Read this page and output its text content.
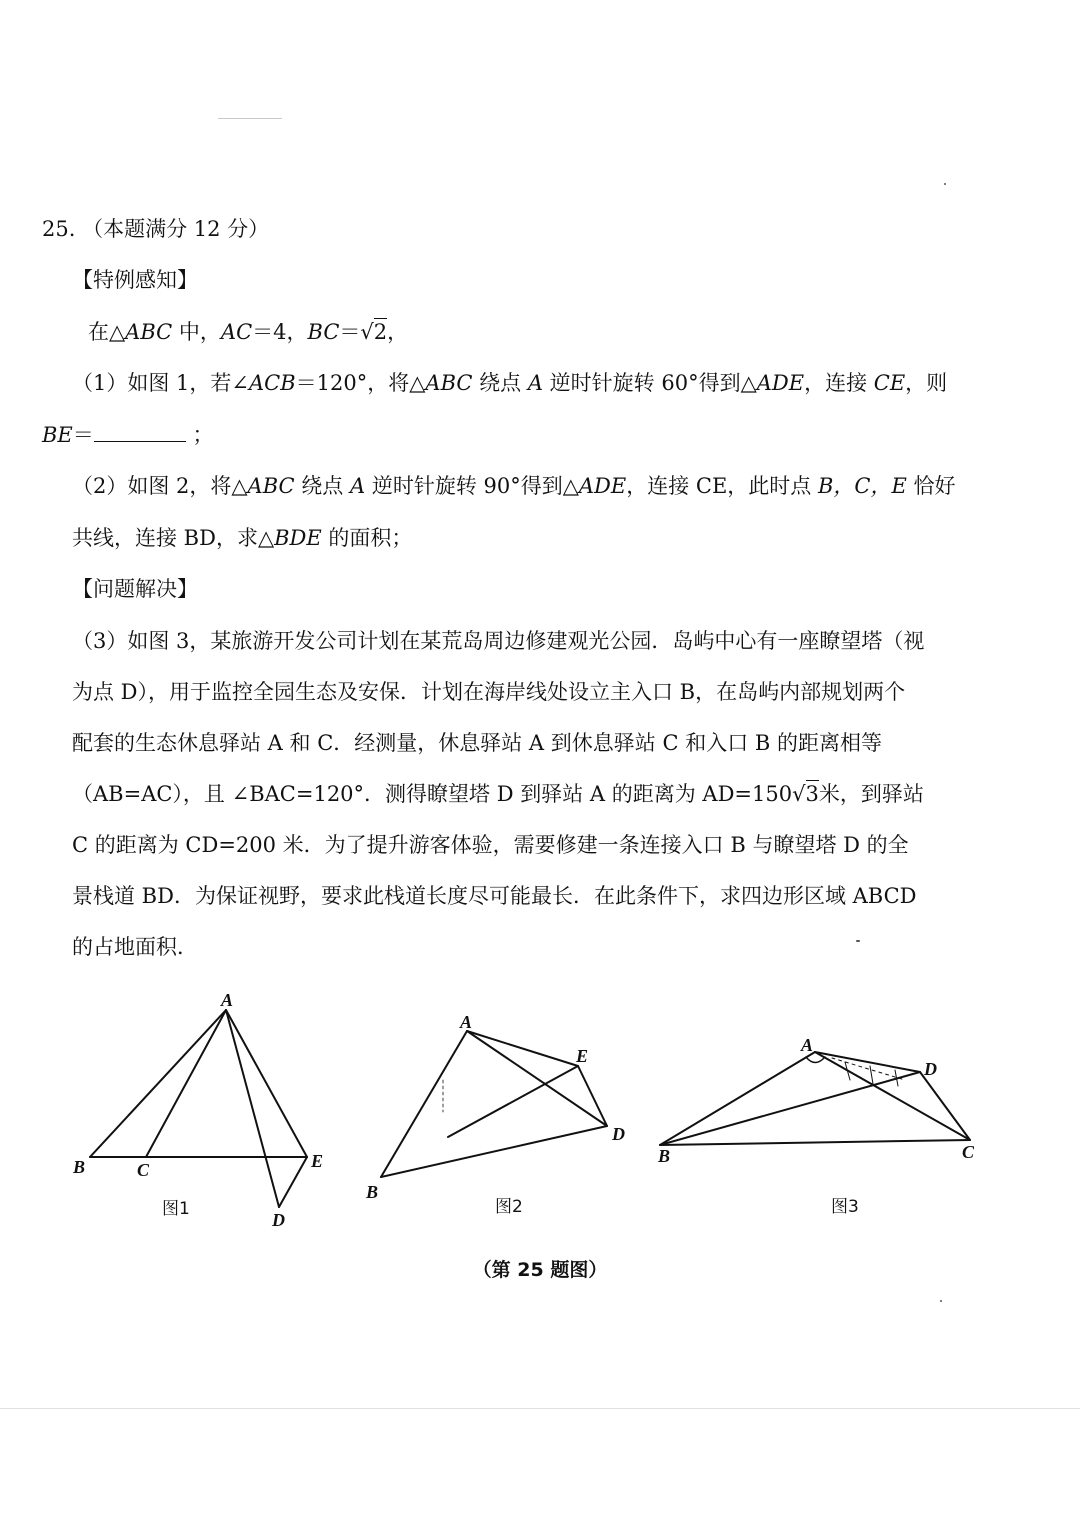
25. （本题满分 12 分）
【特例感知】
在△ABC 中，AC＝4，BC＝√2，
（1）如图 1，若∠ACB＝120°，将△ABC 绕点 A 逆时针旋转 60°得到△ADE，连接 CE，则
BE＝	；
（2）如图 2，将△ABC 绕点 A 逆时针旋转 90°得到△ADE，连接 CE，此时点 B，C，E 恰好
共线，连接 BD，求△BDE 的面积；
【问题解决】
（3）如图 3，某旅游开发公司计划在某荒岛周边修建观光公园．岛屿中心有一座瞭望塔（视
为点 D），用于监控全园生态及安保．计划在海岸线处设立主入口 B，在岛屿内部规划两个
配套的生态休息驿站 A 和 C．经测量，休息驿站 A 到休息驿站 C 和入口 B 的距离相等
（AB=AC），且 ∠BAC=120°．测得瞭望塔 D 到驿站 A 的距离为 AD=150√3米，到驿站
C 的距离为 CD=200 米．为了提升游客体验，需要修建一条连接入口 B 与瞭望塔 D 的全
景栈道 BD．为保证视野，要求此栈道长度尽可能最长．在此条件下，求四边形区域 ABCD
的占地面积．
A
B	C	E
D
图1
A
E
D
B
图2
A
D
B	C
图3
（第 25 题图）
